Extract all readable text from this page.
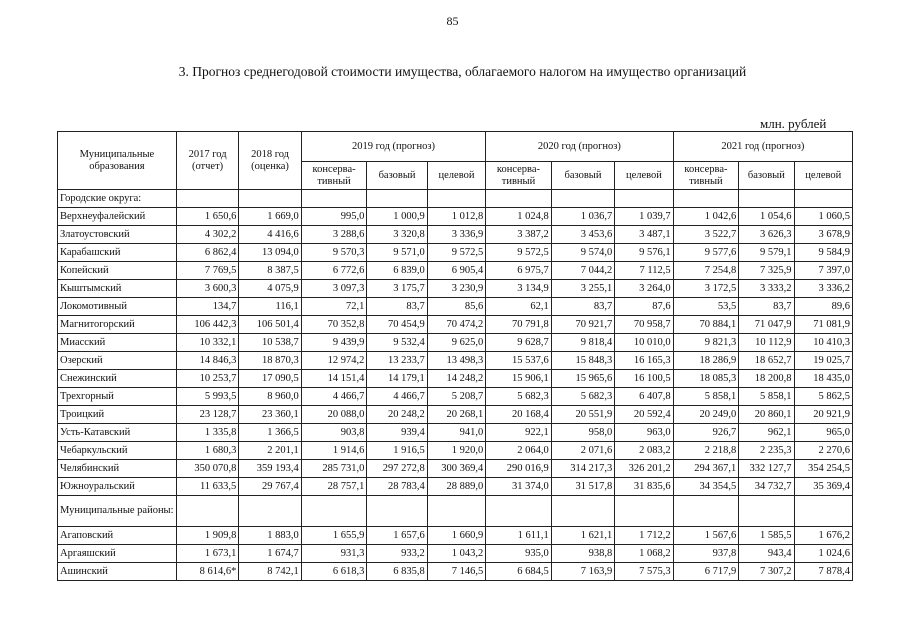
85
3. Прогноз среднегодовой стоимости имущества, облагаемого налогом на имущество организаций
млн. рублей
Муниципальные образования	2017 год (отчет)	2018 год (оценка)	2019 год (прогноз)			2020 год (прогноз)			2021 год (прогноз)		
			консерва-тивный	базовый	целевой	консерва-тивный	базовый	целевой	консерва-тивный	базовый	целевой
Городские округа:											
Верхнеуфалейский	1 650,6	1 669,0	995,0	1 000,9	1 012,8	1 024,8	1 036,7	1 039,7	1 042,6	1 054,6	1 060,5
Златоустовский	4 302,2	4 416,6	3 288,6	3 320,8	3 336,9	3 387,2	3 453,6	3 487,1	3 522,7	3 626,3	3 678,9
Карабашский	6 862,4	13 094,0	9 570,3	9 571,0	9 572,5	9 572,5	9 574,0	9 576,1	9 577,6	9 579,1	9 584,9
Копейский	7 769,5	8 387,5	6 772,6	6 839,0	6 905,4	6 975,7	7 044,2	7 112,5	7 254,8	7 325,9	7 397,0
Кыштымский	3 600,3	4 075,9	3 097,3	3 175,7	3 230,9	3 134,9	3 255,1	3 264,0	3 172,5	3 333,2	3 336,2
Локомотивный	134,7	116,1	72,1	83,7	85,6	62,1	83,7	87,6	53,5	83,7	89,6
Магнитогорский	106 442,3	106 501,4	70 352,8	70 454,9	70 474,2	70 791,8	70 921,7	70 958,7	70 884,1	71 047,9	71 081,9
Миасский	10 332,1	10 538,7	9 439,9	9 532,4	9 625,0	9 628,7	9 818,4	10 010,0	9 821,3	10 112,9	10 410,3
Озерский	14 846,3	18 870,3	12 974,2	13 233,7	13 498,3	15 537,6	15 848,3	16 165,3	18 286,9	18 652,7	19 025,7
Снежинский	10 253,7	17 090,5	14 151,4	14 179,1	14 248,2	15 906,1	15 965,6	16 100,5	18 085,3	18 200,8	18 435,0
Трехгорный	5 993,5	8 960,0	4 466,7	4 466,7	5 208,7	5 682,3	5 682,3	6 407,8	5 858,1	5 858,1	5 862,5
Троицкий	23 128,7	23 360,1	20 088,0	20 248,2	20 268,1	20 168,4	20 551,9	20 592,4	20 249,0	20 860,1	20 921,9
Усть-Катавский	1 335,8	1 366,5	903,8	939,4	941,0	922,1	958,0	963,0	926,7	962,1	965,0
Чебаркульский	1 680,3	2 201,1	1 914,6	1 916,5	1 920,0	2 064,0	2 071,6	2 083,2	2 218,8	2 235,3	2 270,6
Челябинский	350 070,8	359 193,4	285 731,0	297 272,8	300 369,4	290 016,9	314 217,3	326 201,2	294 367,1	332 127,7	354 254,5
Южноуральский	11 633,5	29 767,4	28 757,1	28 783,4	28 889,0	31 374,0	31 517,8	31 835,6	34 354,5	34 732,7	35 369,4
Муниципальные районы:											
Агаповский	1 909,8	1 883,0	1 655,9	1 657,6	1 660,9	1 611,1	1 621,1	1 712,2	1 567,6	1 585,5	1 676,2
Аргаяшский	1 673,1	1 674,7	931,3	933,2	1 043,2	935,0	938,8	1 068,2	937,8	943,4	1 024,6
Ашинский	8 614,6*	8 742,1	6 618,3	6 835,8	7 146,5	6 684,5	7 163,9	7 575,3	6 717,9	7 307,2	7 878,4
